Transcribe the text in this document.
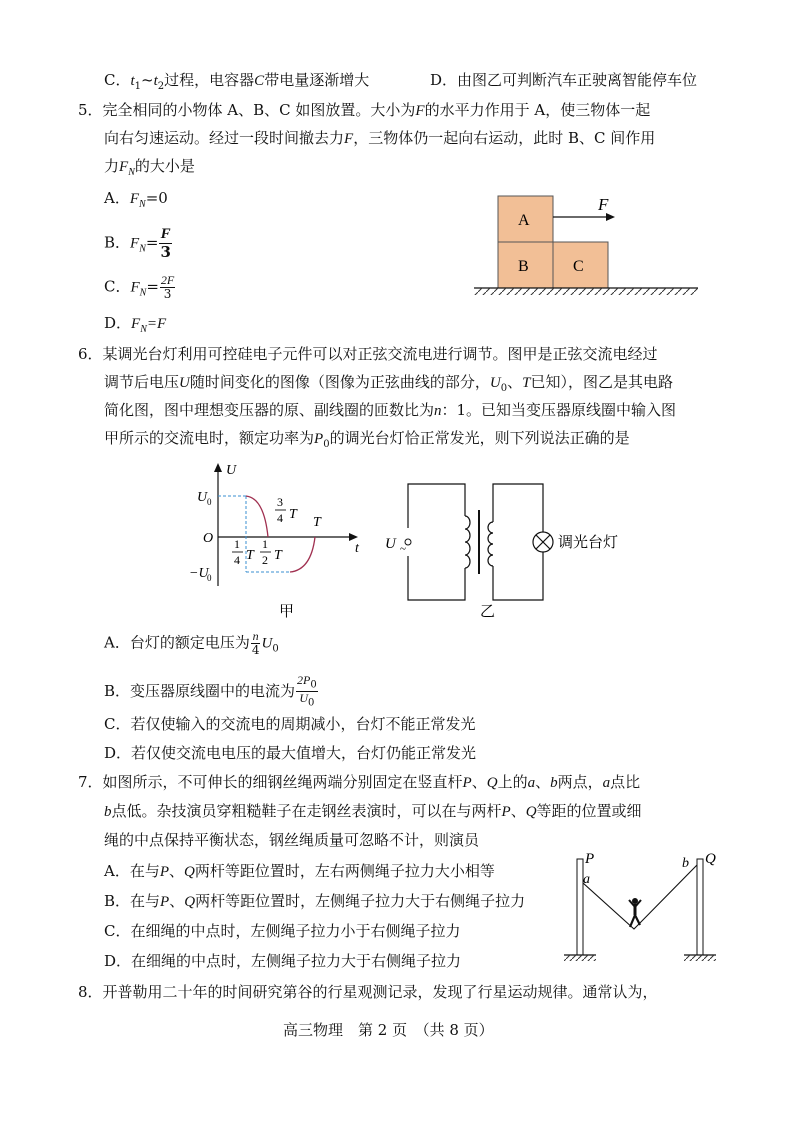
C．$t_1\sim t_2$过程，电容器C带电量逐渐增大	D．由图乙可判断汽车正驶离智能停车位
5．完全相同的小物体 A、B、C 如图放置。大小为F的水平力作用于 A，使三物体一起
向右匀速运动。经过一段时间撤去力F，三物体仍一起向右运动，此时 B、C 间作用
力$F_N$的大小是
A．$F_N=0$
B．$F_N= \frac{F}{3}$
C．$F_N= \frac{2F}{3}$
D．$F_N=F$
A
B	C
F
6．某调光台灯利用可控硅电子元件可以对正弦交流电进行调节。图甲是正弦交流电经过
调节后电压U随时间变化的图像（图像为正弦曲线的部分，$U_0$、T已知），图乙是其电路
简化图，图中理想变压器的原、副线圈的匝数比为n：1。已知当变压器原线圈中输入图
甲所示的交流电时，额定功率为$P_0$的调光台灯恰正常发光，则下列说法正确的是
U
t
O
U 0
−U
0
3
4 T
T
1
4 T
1
2 T
甲
U ~	调光台灯
乙
A．台灯的额定电压为 $\frac{n}{4} U_0$
B．变压器原线圈中的电流为 $\frac{2P_0}{U_0}$
C．若仅使输入的交流电的周期减小，台灯不能正常发光
D．若仅使交流电电压的最大值增大，台灯仍能正常发光
7．如图所示，不可伸长的细钢丝绳两端分别固定在竖直杆P、Q上的a、b两点，a点比
b点低。杂技演员穿粗糙鞋子在走钢丝表演时，可以在与两杆P、Q等距的位置或细
绳的中点保持平衡状态，钢丝绳质量可忽略不计，则演员
A．在与P、Q两杆等距位置时，左右两侧绳子拉力大小相等
B．在与P、Q两杆等距位置时，左侧绳子拉力大于右侧绳子拉力
C．在细绳的中点时，左侧绳子拉力小于右侧绳子拉力
D．在细绳的中点时，左侧绳子拉力大于右侧绳子拉力
P
a
b Q
8．开普勒用二十年的时间研究第谷的行星观测记录，发现了行星运动规律。通常认为，
高三物理　第 2 页　（共 8 页）
